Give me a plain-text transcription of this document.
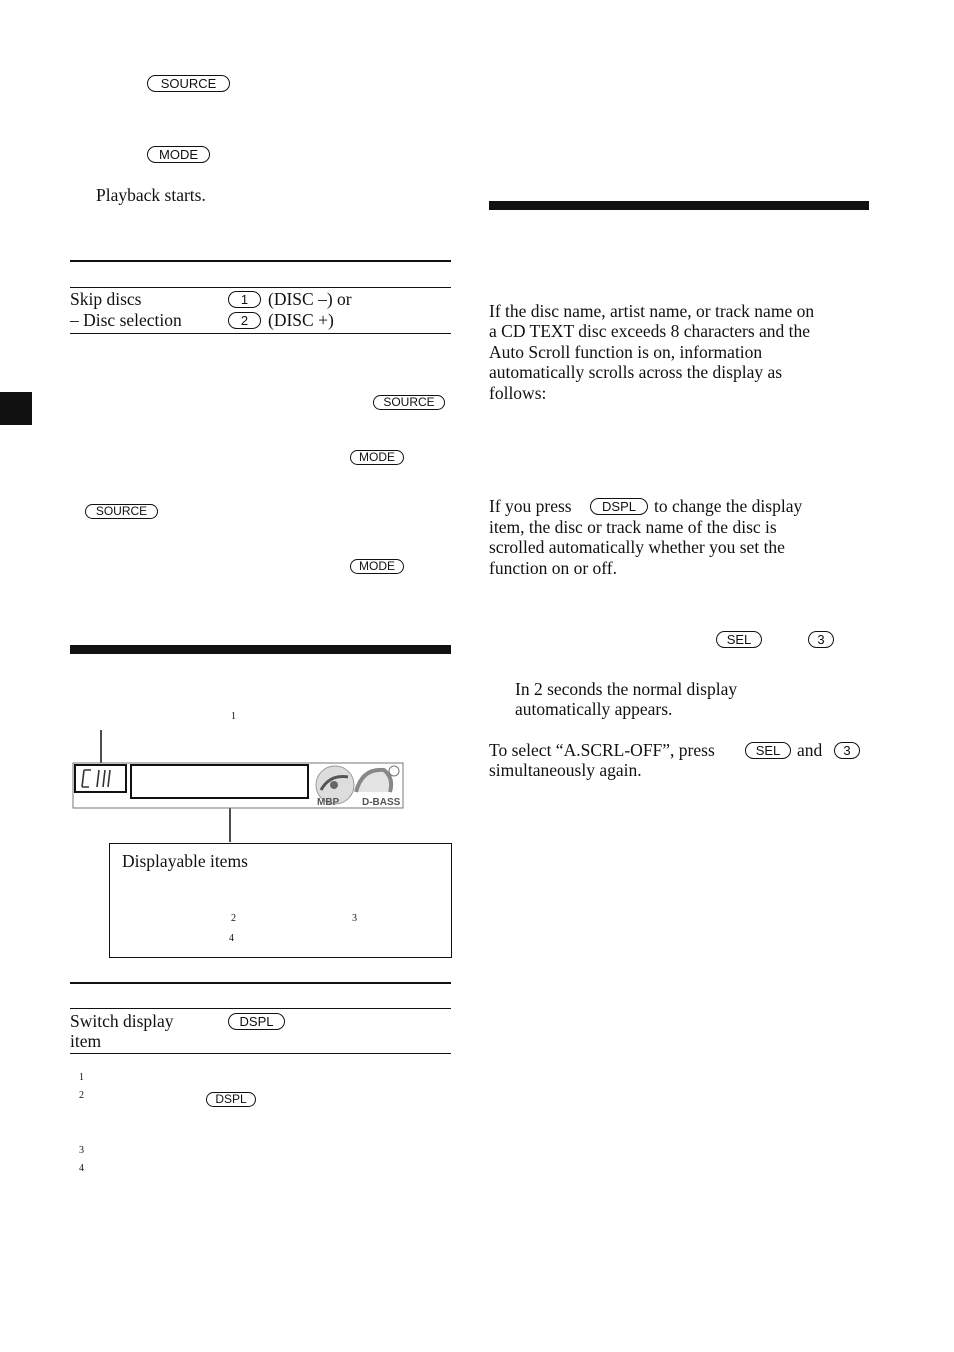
SOURCE
MODE
Playback starts.
Skip discs
– Disc selection
1	(DISC –) or
2	(DISC +)
SOURCE
MODE
SOURCE
MODE
1
MBP D-BASS
Displayable items
2	3
4
Switch display
item
DSPL
1
2	DSPL
3
4
If the disc name, artist name, or track name on
a CD TEXT disc exceeds 8 characters and the
Auto Scroll function is on, information
automatically scrolls across the display as
follows:
If you press	DSPL	to change the display
item, the disc or track name of the disc is
scrolled automatically whether you set the
function on or off.
SEL	3
In 2 seconds the normal display
automatically appears.
To select “A.SCRL-OFF”, press	SEL and	3
simultaneously again.
